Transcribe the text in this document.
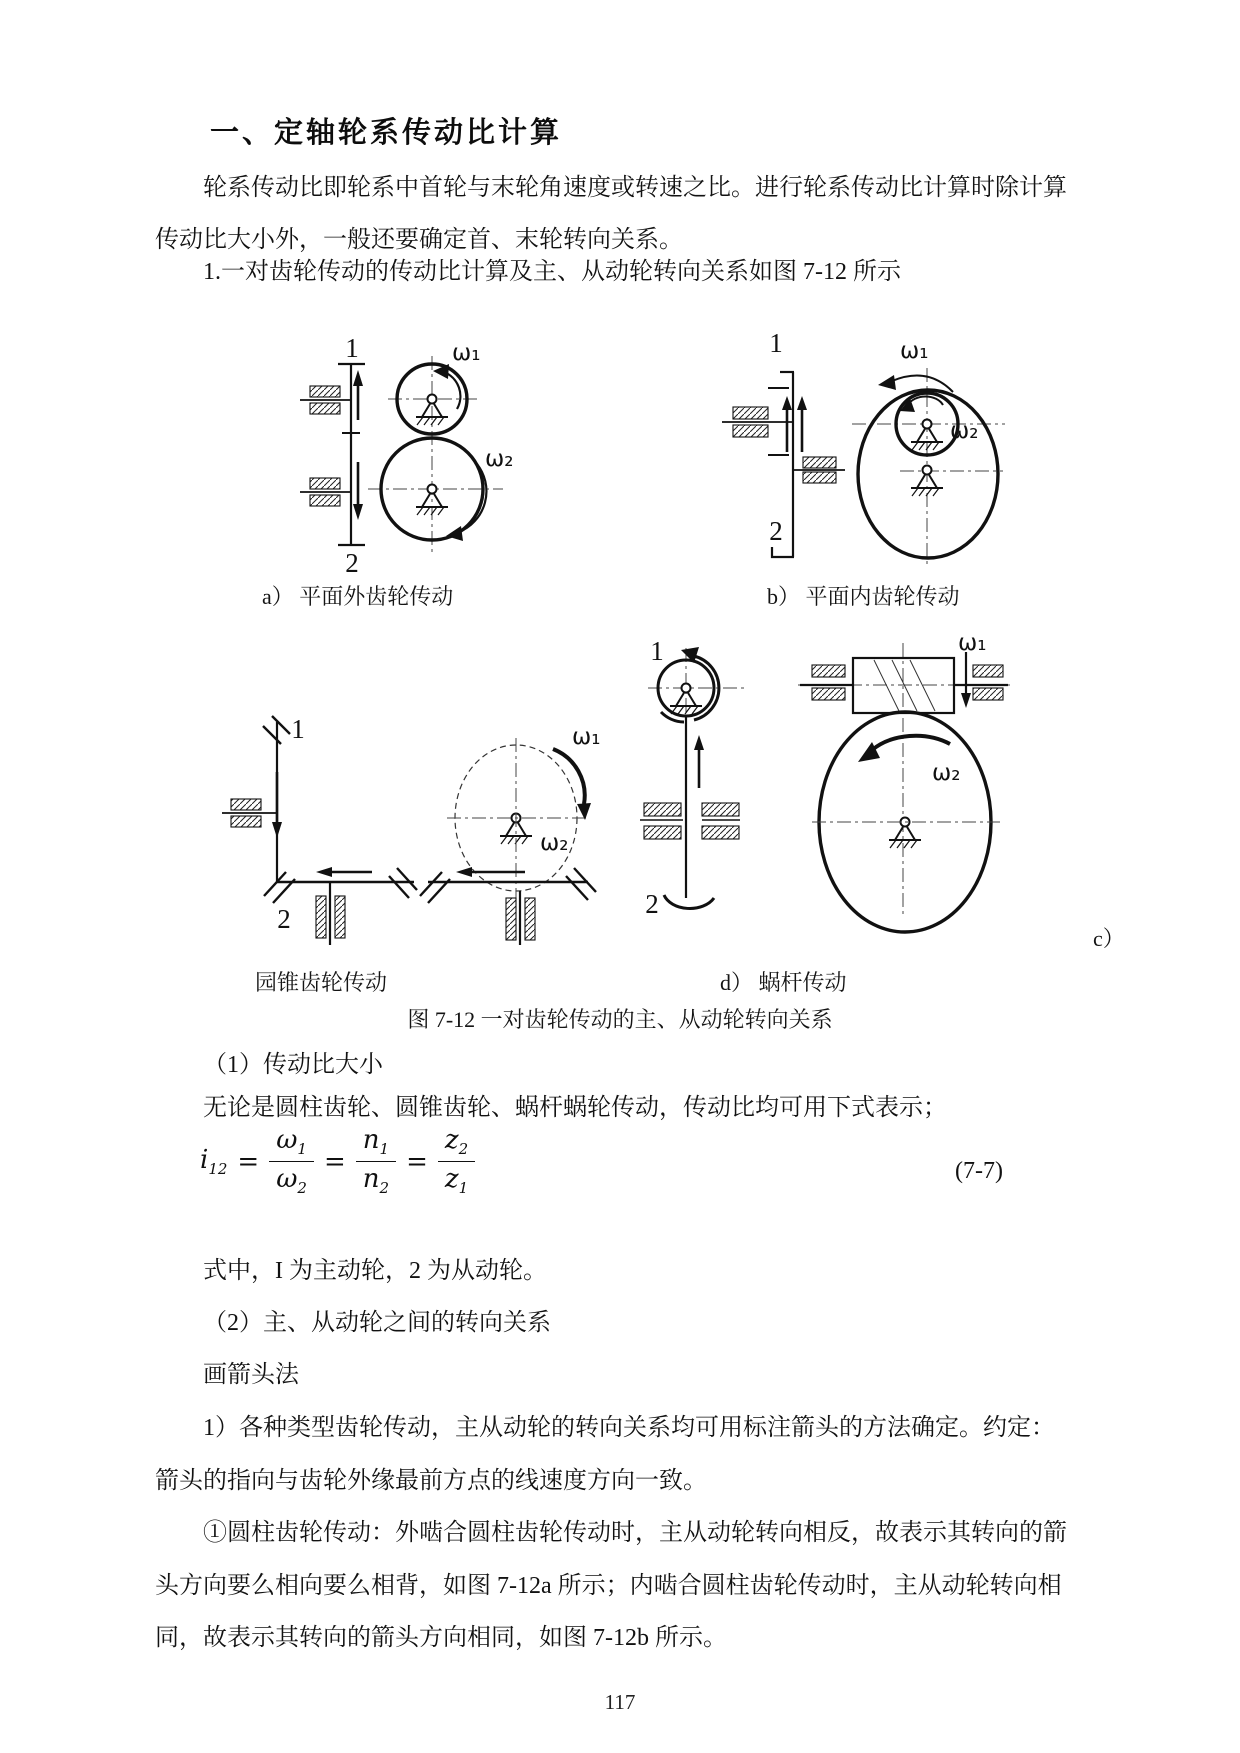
一、定轴轮系传动比计算
轮系传动比即轮系中首轮与末轮角速度或转速之比。进行轮系传动比计算时除计算
传动比大小外，一般还要确定首、末轮转向关系。
1.一对齿轮传动的传动比计算及主、从动轮转向关系如图 7-12 所示
a） 平面外齿轮传动	b） 平面内齿轮传动
c）
园锥齿轮传动	d） 蜗杆传动
图 7-12 一对齿轮传动的主、从动轮转向关系
（1）传动比大小
无论是圆柱齿轮、圆锥齿轮、蜗杆蜗轮传动，传动比均可用下式表示；
$i_{12} = \frac{\omega_1}{\omega_2} = \frac{n_1}{n_2} = \frac{z_2}{z_1}$	(7-7)
式中，I 为主动轮，2 为从动轮。
（2）主、从动轮之间的转向关系
画箭头法
1）各种类型齿轮传动，主从动轮的转向关系均可用标注箭头的方法确定。约定：
箭头的指向与齿轮外缘最前方点的线速度方向一致。
①圆柱齿轮传动：外啮合圆柱齿轮传动时，主从动轮转向相反，故表示其转向的箭
头方向要么相向要么相背，如图 7-12a 所示；内啮合圆柱齿轮传动时，主从动轮转向相
同，故表示其转向的箭头方向相同，如图 7-12b 所示。
117
1
2
ω₁
ω₂
1
2
ω₁
ω₂
1
2
ω₁
ω₂
1
2
ω₁
ω₂
